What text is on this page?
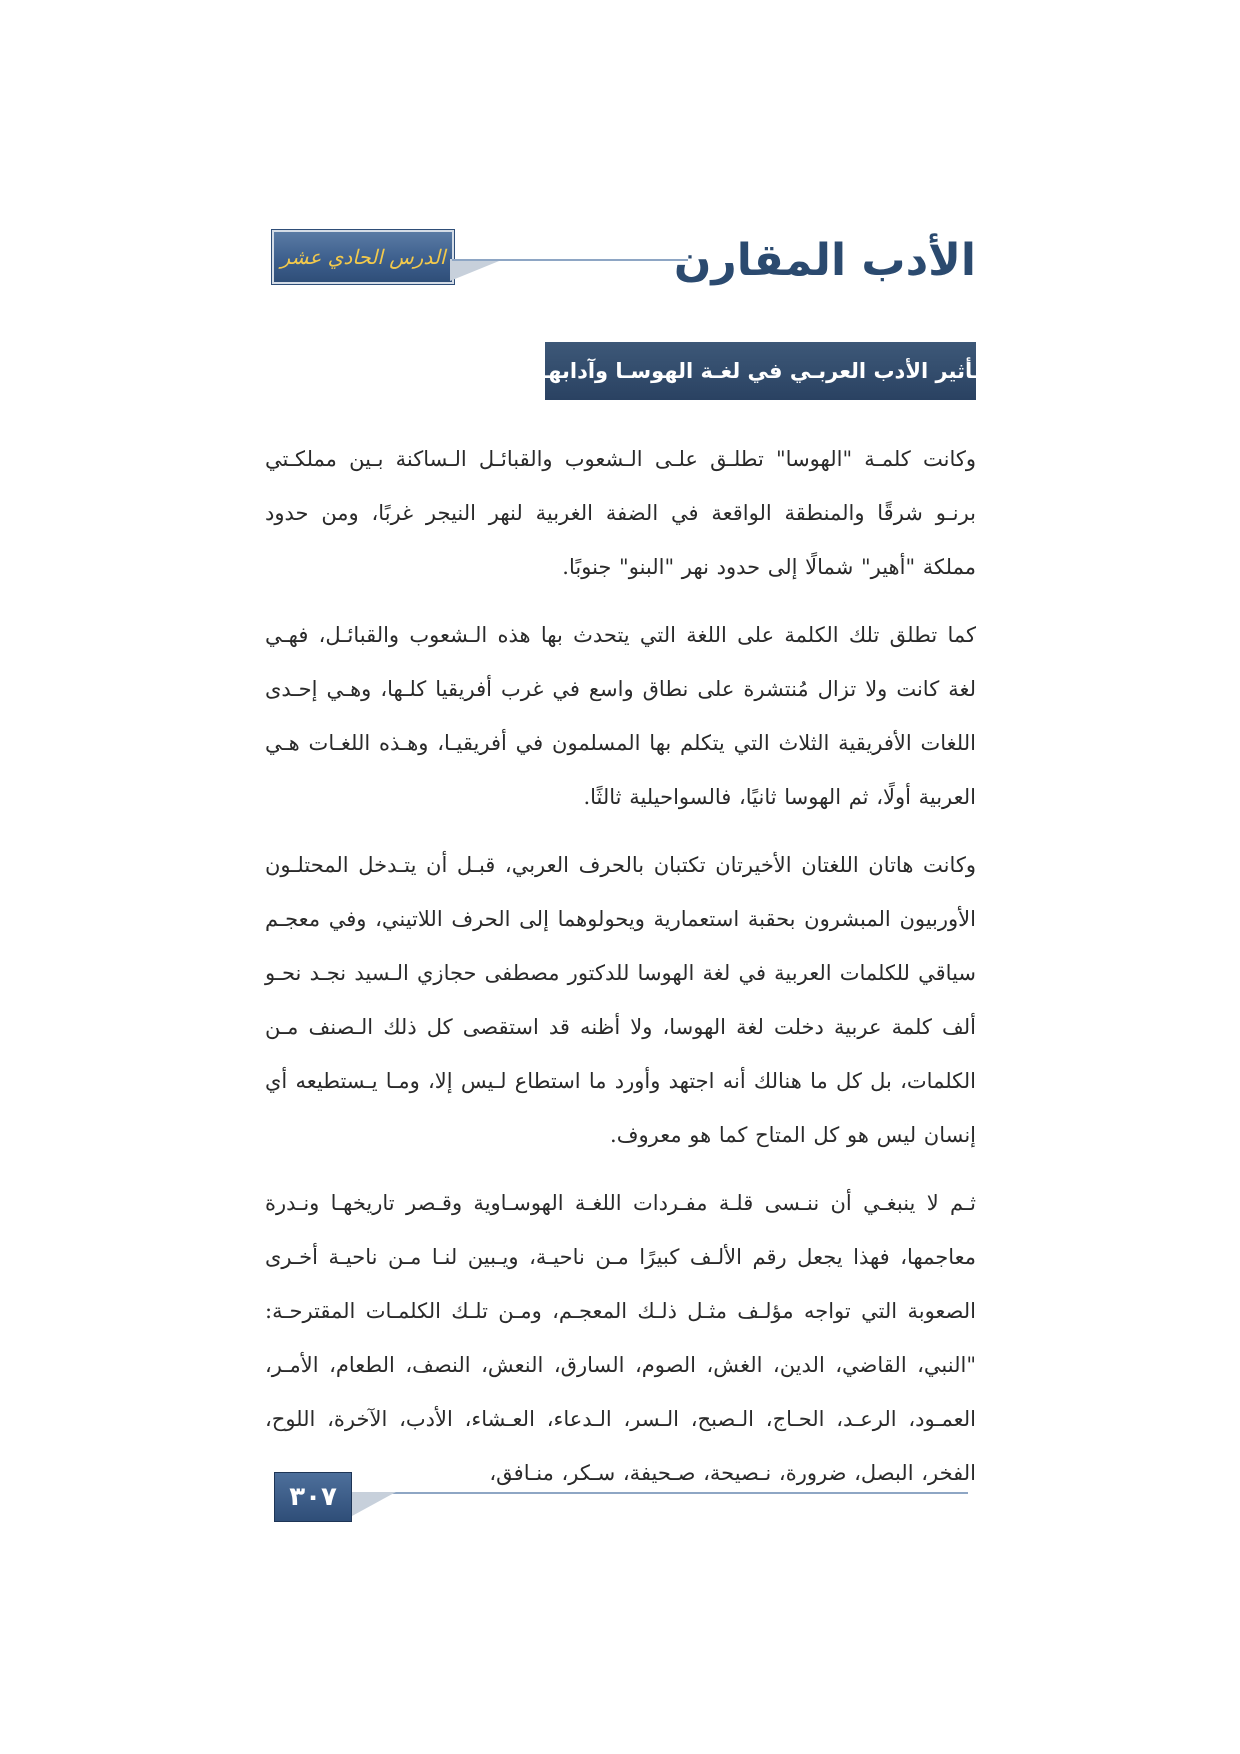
الدرس الحادي عشر	الأدب المقارن
تـأثير الأدب العربـي في لغـة الهوسـا وآدابهـا

وكانت كلمـة "الهوسا" تطلـق علـى الـشعوب والقبائـل الـساكنة بـين مملكـتي برنـو شرقًا والمنطقة الواقعة في الضفة الغربية لنهر النيجر غربًا، ومن حدود مملكة "أهير" شمالًا إلى حدود نهر "البنو" جنوبًا.

كما تطلق تلك الكلمة على اللغة التي يتحدث بها هذه الـشعوب والقبائـل، فهـي لغة كانت ولا تزال مُنتشرة على نطاق واسع في غرب أفريقيا كلـها، وهـي إحـدى اللغات الأفريقية الثلاث التي يتكلم بها المسلمون في أفريقيـا، وهـذه اللغـات هـي العربية أولًا، ثم الهوسا ثانيًا، فالسواحيلية ثالثًا.

وكانت هاتان اللغتان الأخيرتان تكتبان بالحرف العربي، قبـل أن يتـدخل المحتلـون الأوربيون المبشرون بحقبة استعمارية ويحولوهما إلى الحرف اللاتيني، وفي معجـم سياقي للكلمات العربية في لغة الهوسا للدكتور مصطفى حجازي الـسيد نجـد نحـو ألف كلمة عربية دخلت لغة الهوسا، ولا أظنه قد استقصى كل ذلك الـصنف مـن الكلمات، بل كل ما هنالك أنه اجتهد وأورد ما استطاع لـيس إلا، ومـا يـستطيعه أي إنسان ليس هو كل المتاح كما هو معروف.

ثـم لا ينبغـي أن ننـسى قلـة مفـردات اللغـة الهوسـاوية وقـصر تاريخهـا ونـدرة معاجمها، فهذا يجعل رقم الألـف كبيرًا مـن ناحيـة، ويـبين لنـا مـن ناحيـة أخـرى الصعوبة التي تواجه مؤلـف مثـل ذلـك المعجـم، ومـن تلـك الكلمـات المقترحـة: "النبي، القاضي، الدين، الغش، الصوم، السارق، النعش، النصف، الطعام، الأمـر، العمـود، الرعـد، الحـاج، الـصبح، الـسر، الـدعاء، العـشاء، الأدب، الآخرة، اللوح، الفخر، البصل، ضرورة، نـصيحة، صـحيفة، سـكر، منـافق،

٣٠٧
